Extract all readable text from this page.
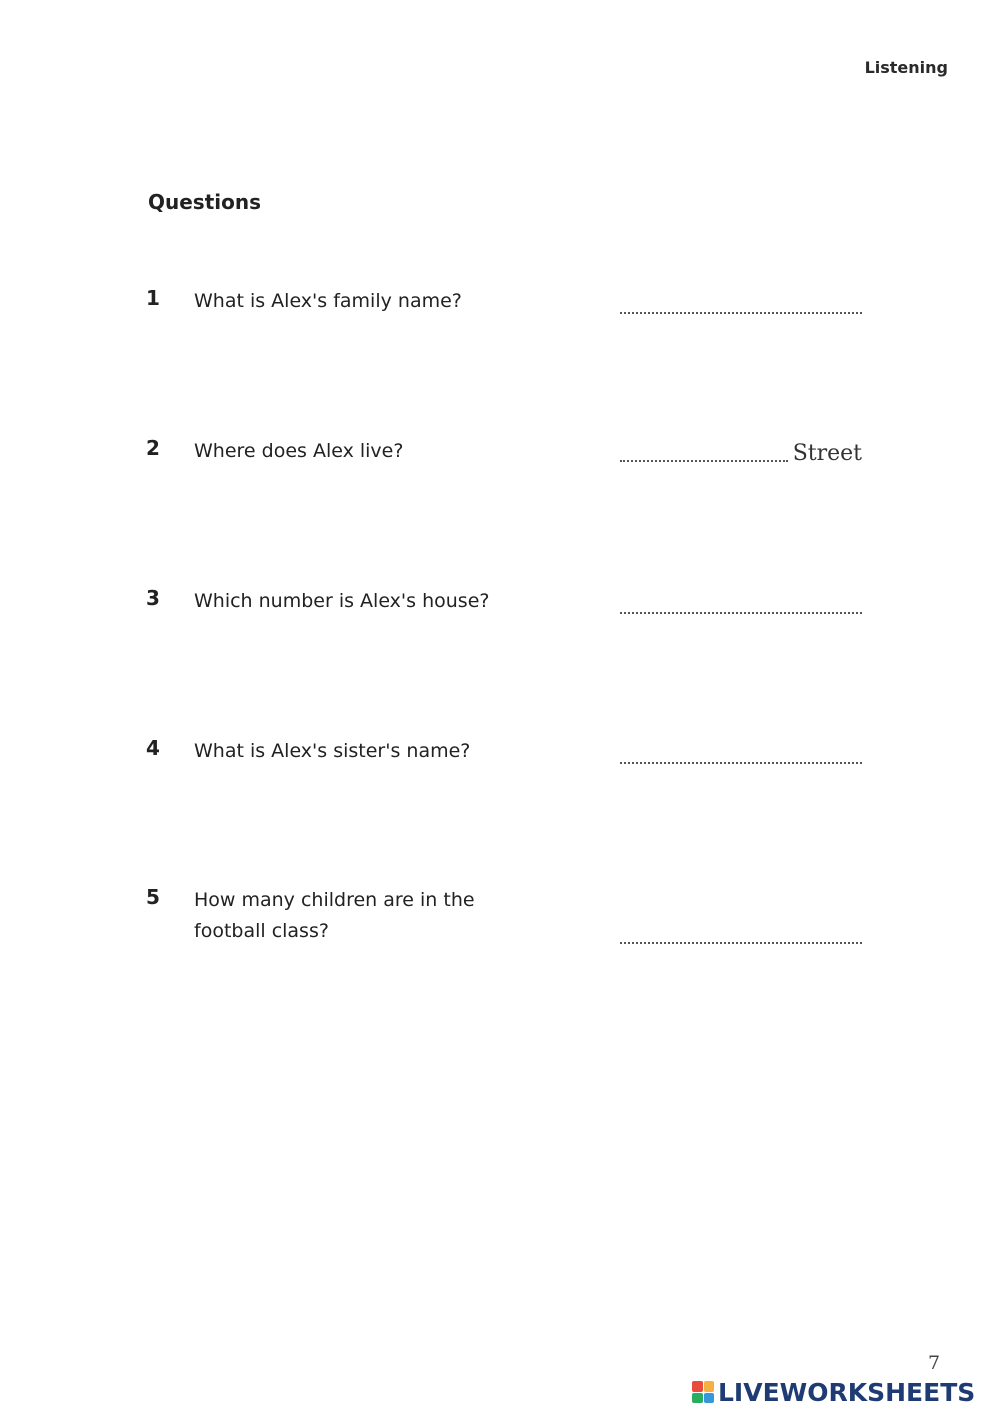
Listening
Questions
1 What is Alex's family name?
2 Where does Alex live?	Street
3 Which number is Alex's house?
4 What is Alex's sister's name?
5 How many children are in the football class?
7
LIVEWORKSHEETS
